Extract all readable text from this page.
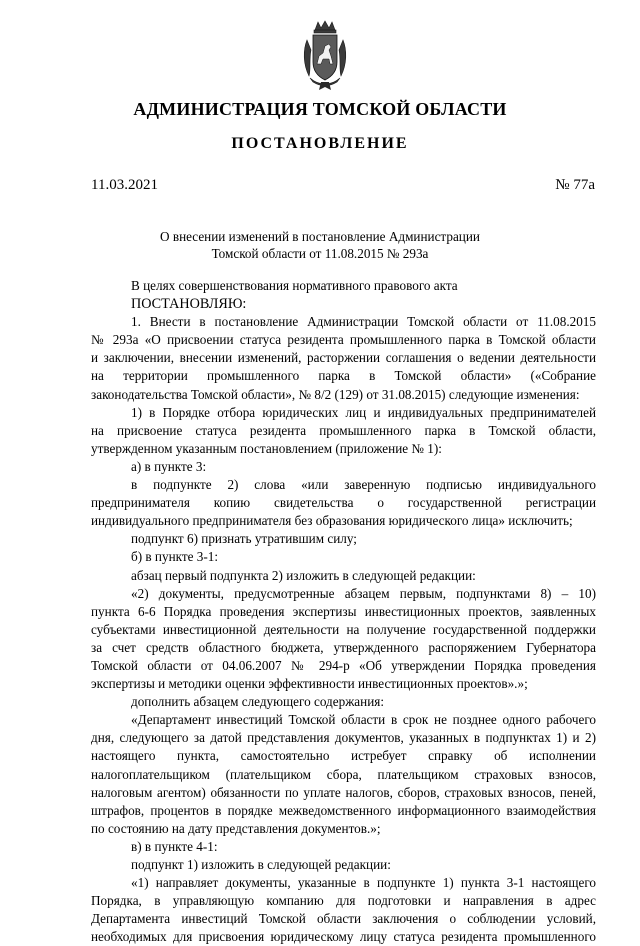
АДМИНИСТРАЦИЯ ТОМСКОЙ ОБЛАСТИ
ПОСТАНОВЛЕНИЕ
11.03.2021	№ 77а
О внесении изменений в постановление Администрации
Томской области от 11.08.2015 № 293а

В целях совершенствования нормативного правового акта

ПОСТАНОВЛЯЮ:

1. Внести в постановление Администрации Томской области от 11.08.2015

№ 293а «О присвоении статуса резидента промышленного парка в Томской области

и заключении, внесении изменений, расторжении соглашения о ведении деятельности

на территории промышленного парка в Томской области» («Собрание

законодательства Томской области», № 8/2 (129) от 31.08.2015) следующие изменения:

1) в Порядке отбора юридических лиц и индивидуальных предпринимателей

на присвоение статуса резидента промышленного парка в Томской области,

утвержденном указанным постановлением (приложение № 1):

а) в пункте 3:

в подпункте 2) слова «или заверенную подписью индивидуального

предпринимателя копию свидетельства о государственной регистрации

индивидуального предпринимателя без образования юридического лица» исключить;

подпункт 6) признать утратившим силу;

б) в пункте 3-1:

абзац первый подпункта 2) изложить в следующей редакции:

«2) документы, предусмотренные абзацем первым, подпунктами 8) – 10)

пункта 6-6 Порядка проведения экспертизы инвестиционных проектов, заявленных

субъектами инвестиционной деятельности на получение государственной поддержки

за счет средств областного бюджета, утвержденного распоряжением Губернатора

Томской области от 04.06.2007 № 294-р «Об утверждении Порядка проведения

экспертизы и методики оценки эффективности инвестиционных проектов».»;

дополнить абзацем следующего содержания:

«Департамент инвестиций Томской области в срок не позднее одного рабочего

дня, следующего за датой представления документов, указанных в подпунктах 1) и 2)

настоящего пункта, самостоятельно истребует справку об исполнении

налогоплательщиком (плательщиком сбора, плательщиком страховых взносов,

налоговым агентом) обязанности по уплате налогов, сборов, страховых взносов, пеней,

штрафов, процентов в порядке межведомственного информационного взаимодействия

по состоянию на дату представления документов.»;

в) в пункте 4-1:

подпункт 1) изложить в следующей редакции:

«1) направляет документы, указанные в подпункте 1) пункта 3-1 настоящего

Порядка, в управляющую компанию для подготовки и направления в адрес

Департамента инвестиций Томской области заключения о соблюдении условий,

необходимых для присвоения юридическому лицу статуса резидента промышленного
